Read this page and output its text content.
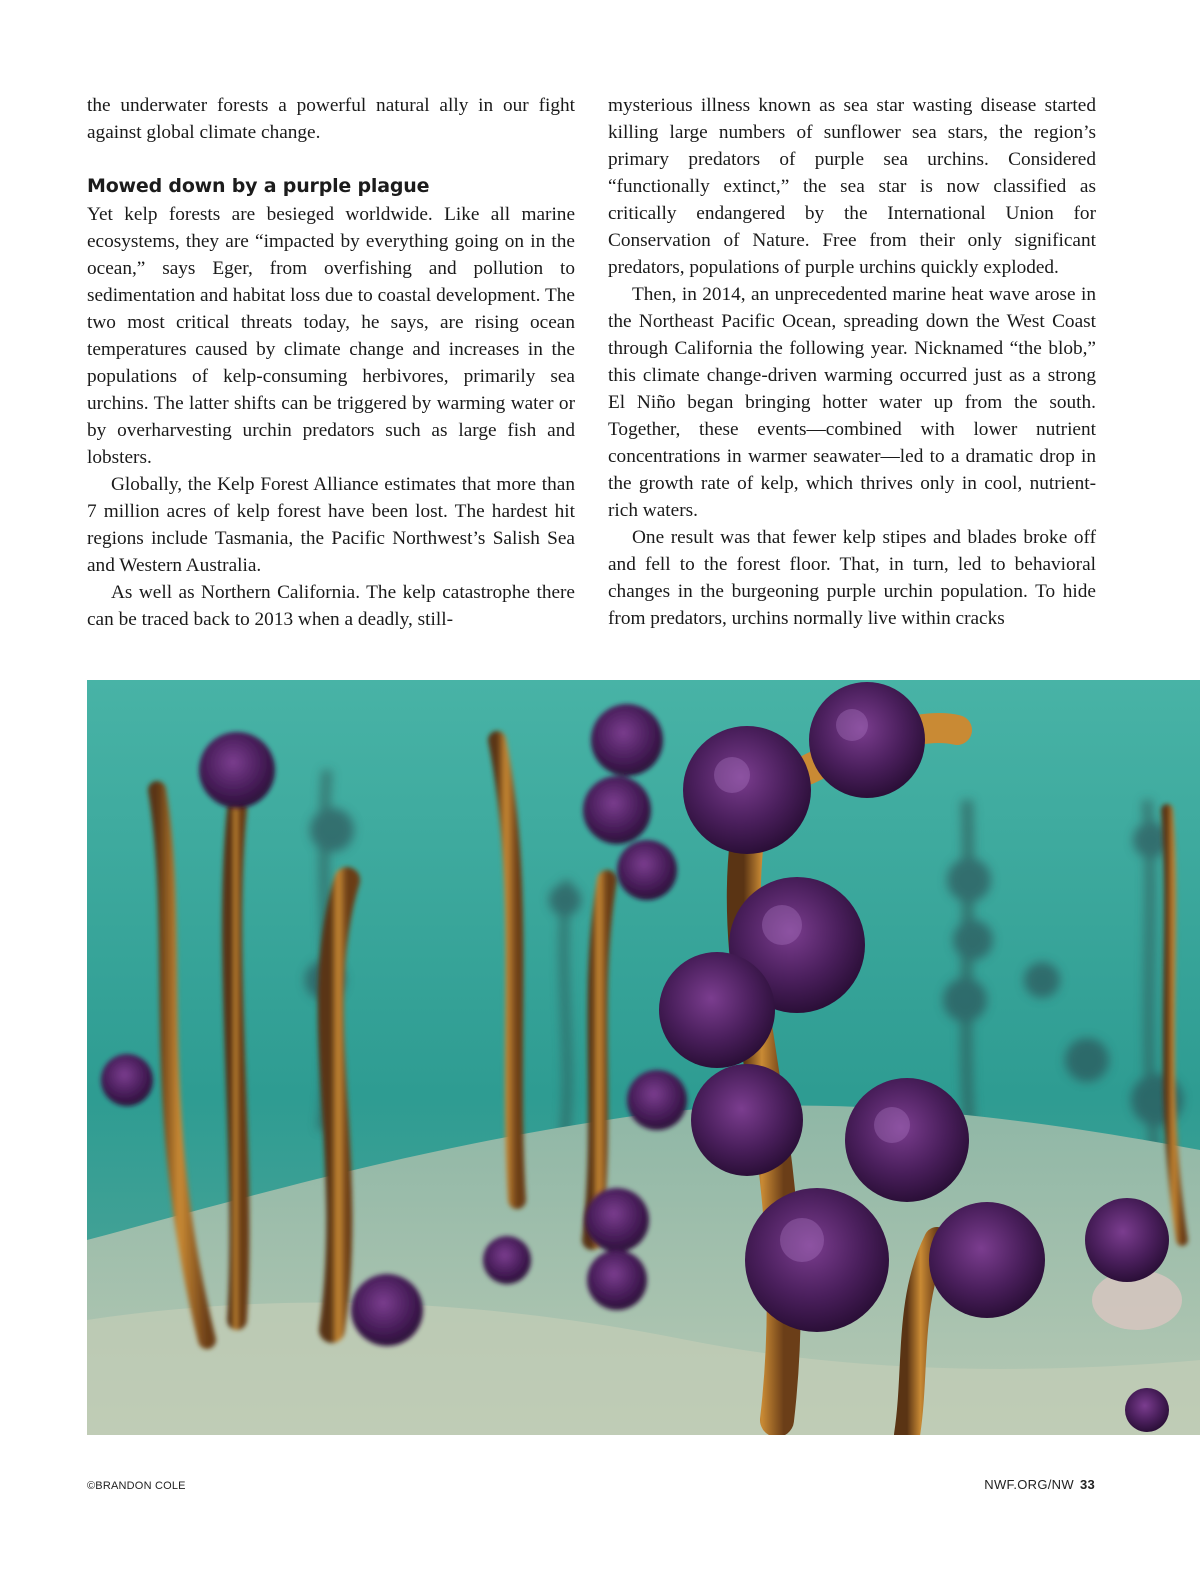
the underwater forests a powerful natural ally in our fight against global climate change.

Mowed down by a purple plague

Yet kelp forests are besieged worldwide. Like all marine ecosystems, they are “impacted by everything going on in the ocean,” says Eger, from overfishing and pollution to sedimentation and habitat loss due to coastal development. The two most critical threats today, he says, are rising ocean temperatures caused by climate change and increases in the populations of kelp-consuming herbivores, primarily sea urchins. The latter shifts can be triggered by warming water or by overharvesting urchin predators such as large fish and lobsters.

Globally, the Kelp Forest Alliance estimates that more than 7 million acres of kelp forest have been lost. The hardest hit regions include Tasmania, the Pacific Northwest’s Salish Sea and Western Australia.

As well as Northern California. The kelp catastrophe there can be traced back to 2013 when a deadly, still-

mysterious illness known as sea star wasting disease started killing large numbers of sunflower sea stars, the region’s primary predators of purple sea urchins. Considered “functionally extinct,” the sea star is now classified as critically endangered by the International Union for Conservation of Nature. Free from their only significant predators, populations of purple urchins quickly exploded.

Then, in 2014, an unprecedented marine heat wave arose in the Northeast Pacific Ocean, spreading down the West Coast through California the following year. Nicknamed “the blob,” this climate change-driven warming occurred just as a strong El Niño began bringing hotter water up from the south. Together, these events—combined with lower nutrient concentrations in warmer seawater—led to a dramatic drop in the growth rate of kelp, which thrives only in cool, nutrient-rich waters.

One result was that fewer kelp stipes and blades broke off and fell to the forest floor. That, in turn, led to behavioral changes in the burgeoning purple urchin population. To hide from predators, urchins normally live within cracks

©BRANDON COLE	NWF.ORG/NW 33
